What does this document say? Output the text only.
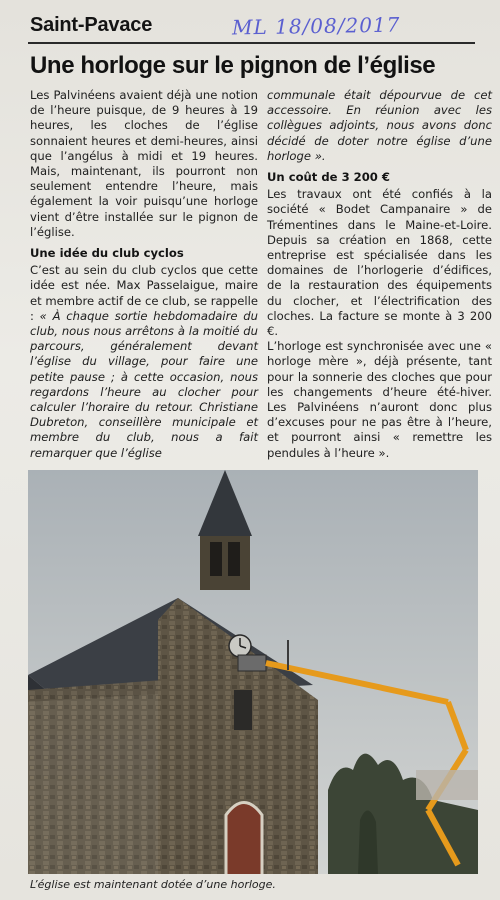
Saint-Pavace	ML 18/08/2017
Une horloge sur le pignon de l’église

Les Palvinéens avaient déjà une notion de l’heure puisque, de 9 heures à 19 heures, les cloches de l’église sonnaient heures et demi-heures, ainsi que l’angélus à midi et 19 heures. Mais, maintenant, ils pourront non seulement entendre l’heure, mais également la voir puisqu’une horloge vient d’être installée sur le pignon de l’église.

Une idée du club cyclos

C’est au sein du club cyclos que cette idée est née. Max Passelaigue, maire et membre actif de ce club, se rappelle : « À chaque sortie hebdomadaire du club, nous nous arrêtons à la moitié du parcours, généralement devant l’église du village, pour faire une petite pause ; à cette occasion, nous regardons l’heure au clocher pour calculer l’horaire du retour. Christiane Dubreton, conseillère municipale et membre du club, nous a fait remarquer que l’église

communale était dépourvue de cet accessoire. En réunion avec les collègues adjoints, nous avons donc décidé de doter notre église d’une horloge ».

Un coût de 3 200 €

Les travaux ont été confiés à la société « Bodet Campanaire » de Trémentines dans le Maine-et-Loire. Depuis sa création en 1868, cette entreprise est spécialisée dans les domaines de l’horlogerie d’édifices, de la restauration des équipements du clocher, et l’électrification des cloches. La facture se monte à 3 200 €.

L’horloge est synchronisée avec une « horloge mère », déjà présente, tant pour la sonnerie des cloches que pour les changements d’heure été-hiver. Les Palvinéens n’auront donc plus d’excuses pour ne pas être à l’heure, et pourront ainsi « remettre les pendules à l’heure ».

L’église est maintenant dotée d’une horloge.
